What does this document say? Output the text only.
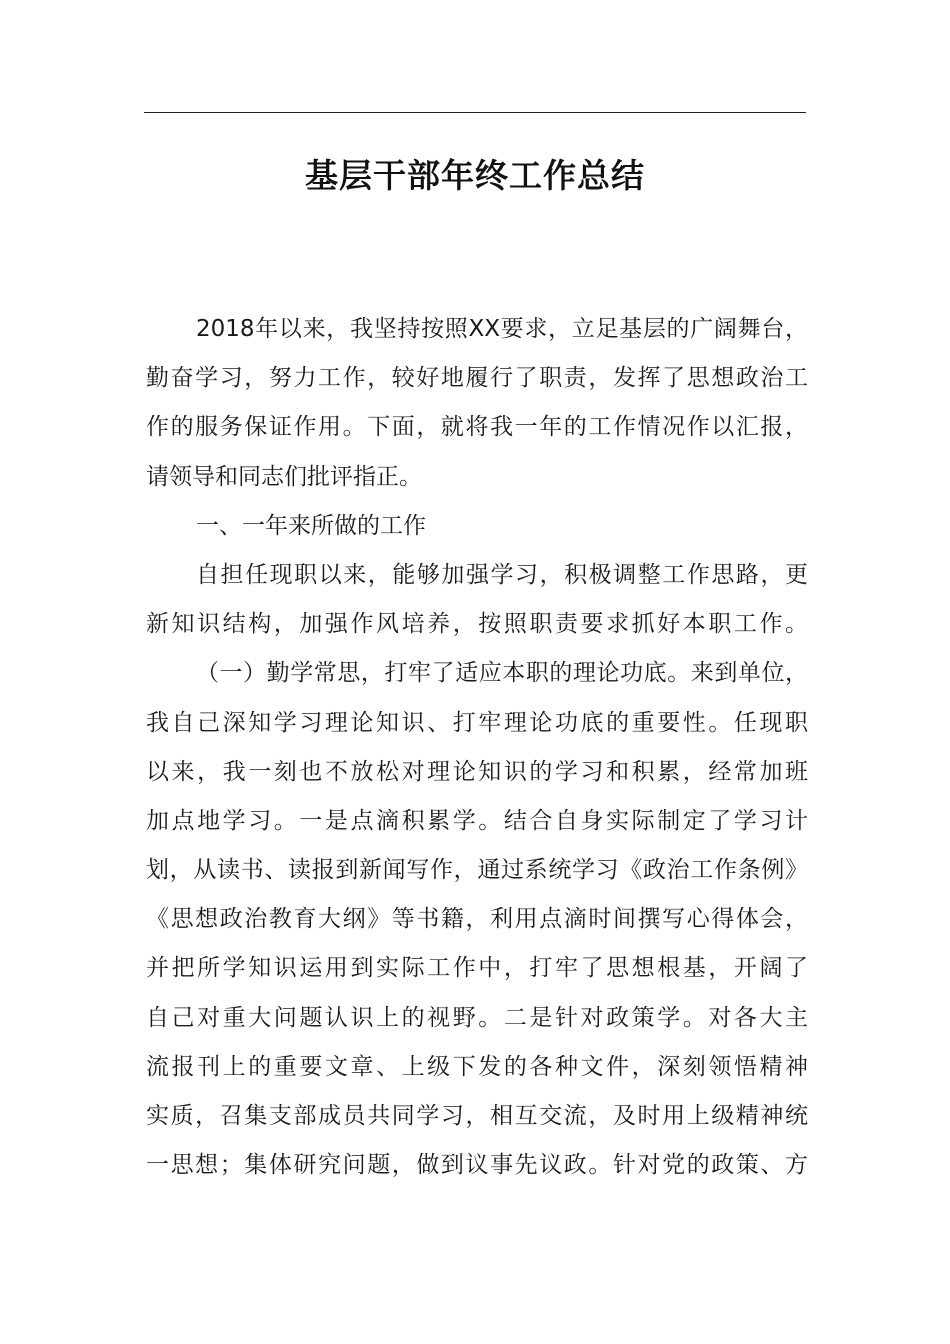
基层干部年终工作总结
2018年以来，我坚持按照XX要求，立足基层的广阔舞台，
勤奋学习，努力工作，较好地履行了职责，发挥了思想政治工
作的服务保证作用。下面，就将我一年的工作情况作以汇报，
请领导和同志们批评指正。
一、一年来所做的工作
自担任现职以来，能够加强学习，积极调整工作思路，更
新知识结构，加强作风培养，按照职责要求抓好本职工作。
（一）勤学常思，打牢了适应本职的理论功底。来到单位，
我自己深知学习理论知识、打牢理论功底的重要性。任现职
以来，我一刻也不放松对理论知识的学习和积累，经常加班
加点地学习。一是点滴积累学。结合自身实际制定了学习计
划，从读书、读报到新闻写作，通过系统学习《政治工作条例》
《思想政治教育大纲》等书籍，利用点滴时间撰写心得体会，
并把所学知识运用到实际工作中，打牢了思想根基，开阔了
自己对重大问题认识上的视野。二是针对政策学。对各大主
流报刊上的重要文章、上级下发的各种文件，深刻领悟精神
实质，召集支部成员共同学习，相互交流，及时用上级精神统
一思想；集体研究问题，做到议事先议政。针对党的政策、方
